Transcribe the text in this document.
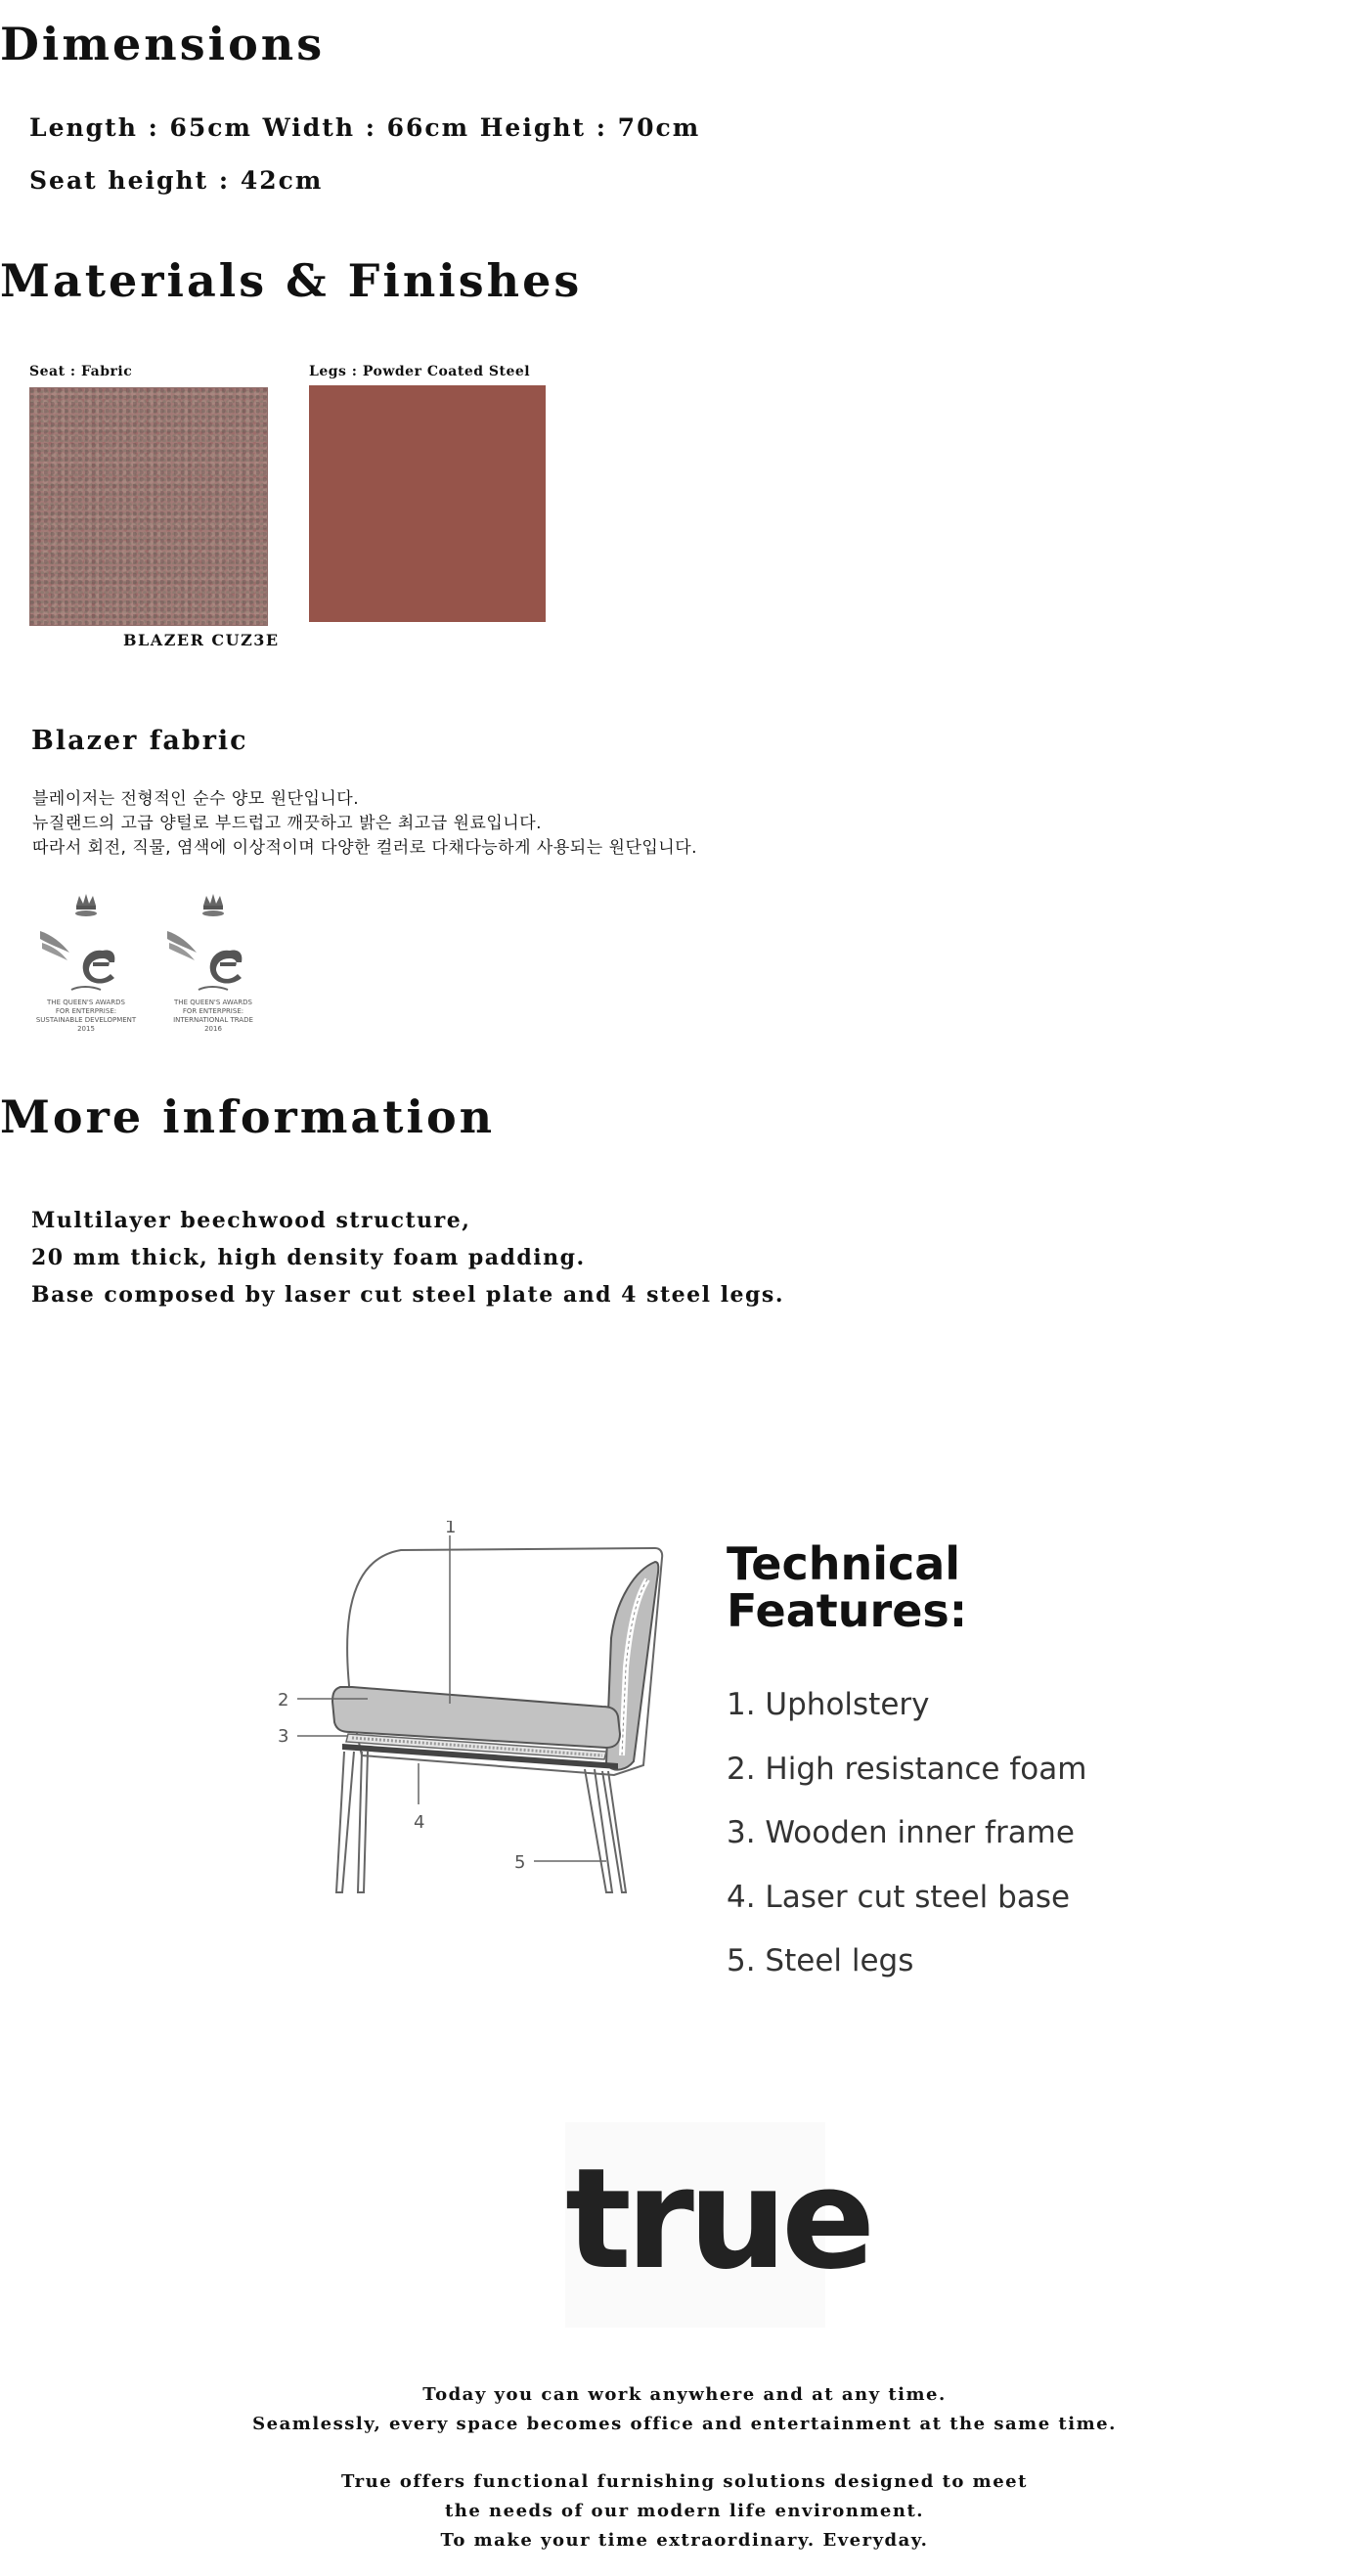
Dimensions
Length : 65cm Width : 66cm Height : 70cm
Seat height : 42cm
Materials & Finishes
Seat : Fabric	Legs : Powder Coated Steel
BLAZER CUZ3E
Blazer fabric
블레이저는 전형적인 순수 양모 원단입니다.
뉴질랜드의 고급 양털로 부드럽고 깨끗하고 밝은 최고급 원료입니다.
따라서 회전, 직물, 염색에 이상적이며 다양한 컬러로 다채다능하게 사용되는 원단입니다.
THE QUEEN'S AWARDS
FOR ENTERPRISE:
SUSTAINABLE DEVELOPMENT
2015
THE QUEEN'S AWARDS
FOR ENTERPRISE:
INTERNATIONAL TRADE
2016
More information
Multilayer beechwood structure,
20 mm thick, high density foam padding.
Base composed by laser cut steel plate and 4 steel legs.
1
2
3
4
5
Technical
Features:
1. Upholstery
2. High resistance foam
3. Wooden inner frame
4. Laser cut steel base
5. Steel legs
true
Today you can work anywhere and at any time.
Seamlessly, every space becomes office and entertainment at the same time.
True offers functional furnishing solutions designed to meet
the needs of our modern life environment.
To make your time extraordinary. Everyday.
